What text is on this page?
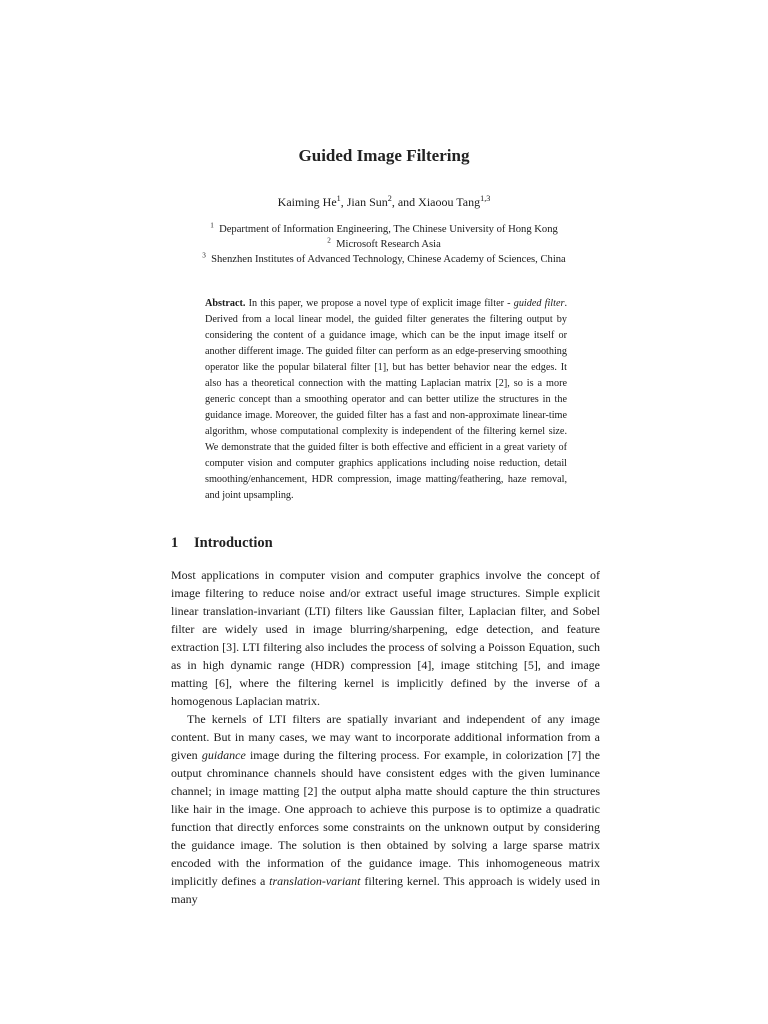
Guided Image Filtering
Kaiming He$^1$, Jian Sun$^2$, and Xiaoou Tang$^{1,3}$
$^1$ Department of Information Engineering, The Chinese University of Hong Kong
$^2$ Microsoft Research Asia
$^3$ Shenzhen Institutes of Advanced Technology, Chinese Academy of Sciences, China

Abstract. In this paper, we propose a novel type of explicit image filter - guided filter. Derived from a local linear model, the guided filter generates the filtering output by considering the content of a guidance image, which can be the input image itself or another different image. The guided filter can perform as an edge-preserving smoothing operator like the popular bilateral filter [1], but has better behavior near the edges. It also has a theoretical connection with the matting Laplacian matrix [2], so is a more generic concept than a smoothing operator and can better utilize the structures in the guidance image. Moreover, the guided filter has a fast and non-approximate linear-time algorithm, whose computational complexity is independent of the filtering kernel size. We demonstrate that the guided filter is both effective and efficient in a great variety of computer vision and computer graphics applications including noise reduction, detail smoothing/enhancement, HDR compression, image matting/feathering, haze removal, and joint upsampling.

1 Introduction

Most applications in computer vision and computer graphics involve the concept of image filtering to reduce noise and/or extract useful image structures. Simple explicit linear translation-invariant (LTI) filters like Gaussian filter, Laplacian filter, and Sobel filter are widely used in image blurring/sharpening, edge detection, and feature extraction [3]. LTI filtering also includes the process of solving a Poisson Equation, such as in high dynamic range (HDR) compression [4], image stitching [5], and image matting [6], where the filtering kernel is implicitly defined by the inverse of a homogenous Laplacian matrix.

The kernels of LTI filters are spatially invariant and independent of any image content. But in many cases, we may want to incorporate additional information from a given guidance image during the filtering process. For example, in colorization [7] the output chrominance channels should have consistent edges with the given luminance channel; in image matting [2] the output alpha matte should capture the thin structures like hair in the image. One approach to achieve this purpose is to optimize a quadratic function that directly enforces some constraints on the unknown output by considering the guidance image. The solution is then obtained by solving a large sparse matrix encoded with the information of the guidance image. This inhomogeneous matrix implicitly defines a translation-variant filtering kernel. This approach is widely used in many
